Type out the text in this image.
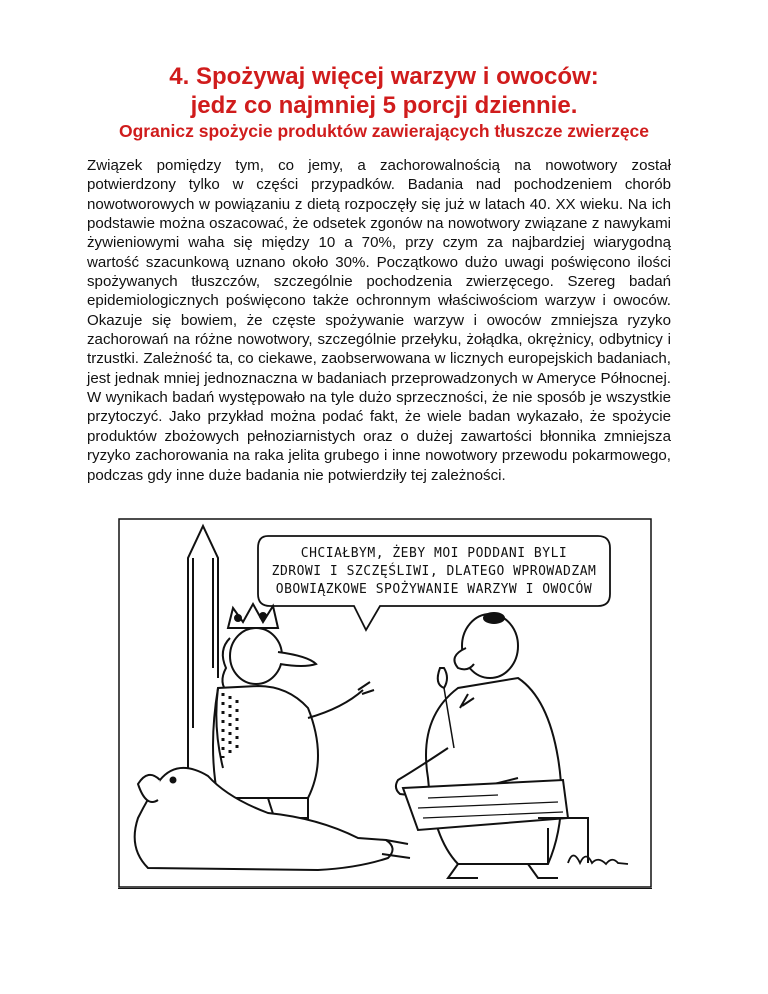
4. Spożywaj więcej warzyw i owoców:
jedz co najmniej 5 porcji dziennie.
Ogranicz spożycie produktów zawierających tłuszcze zwierzęce

Związek pomiędzy tym, co jemy, a zachorowalnością na nowotwory został potwierdzony tylko w części przypadków. Badania nad pochodzeniem chorób nowotworowych w powiązaniu z dietą rozpoczęły się już w latach 40. XX wieku. Na ich podstawie można oszacować, że odsetek zgonów na nowotwory związane z nawykami żywieniowymi waha się między 10 a 70%, przy czym za najbardziej wiarygodną wartość szacunkową uznano około 30%. Początkowo dużo uwagi poświęcono ilości spożywanych tłuszczów, szczególnie pochodzenia zwierzęcego. Szereg badań epidemiologicznych poświęcono także ochronnym właściwościom warzyw i owoców. Okazuje się bowiem, że częste spożywanie warzyw i owoców zmniejsza ryzyko zachorowań na różne nowotwory, szczególnie przełyku, żołądka, okrężnicy, odbytnicy i trzustki. Zależność ta, co ciekawe, zaobserwowana w licznych europejskich badaniach, jest jednak mniej jednoznaczna w badaniach przeprowadzonych w Ameryce Północnej. W wynikach badań występowało na tyle dużo sprzeczności, że nie sposób je wszystkie przytoczyć. Jako przykład można podać fakt, że wiele badan wykazało, że spożycie produktów zbożowych pełnoziarnistych oraz o dużej zawartości błonnika zmniejsza ryzyko zachorowania na raka jelita grubego i inne nowotwory przewodu pokarmowego, podczas gdy inne duże badania nie potwierdziły tej zależności.

CHCIAŁBYM, ŻEBY MOI PODDANI BYLI
ZDROWI I SZCZĘŚLIWI, DLATEGO WPROWADZAM
OBOWIĄZKOWE SPOŻYWANIE WARZYW I OWOCÓW
